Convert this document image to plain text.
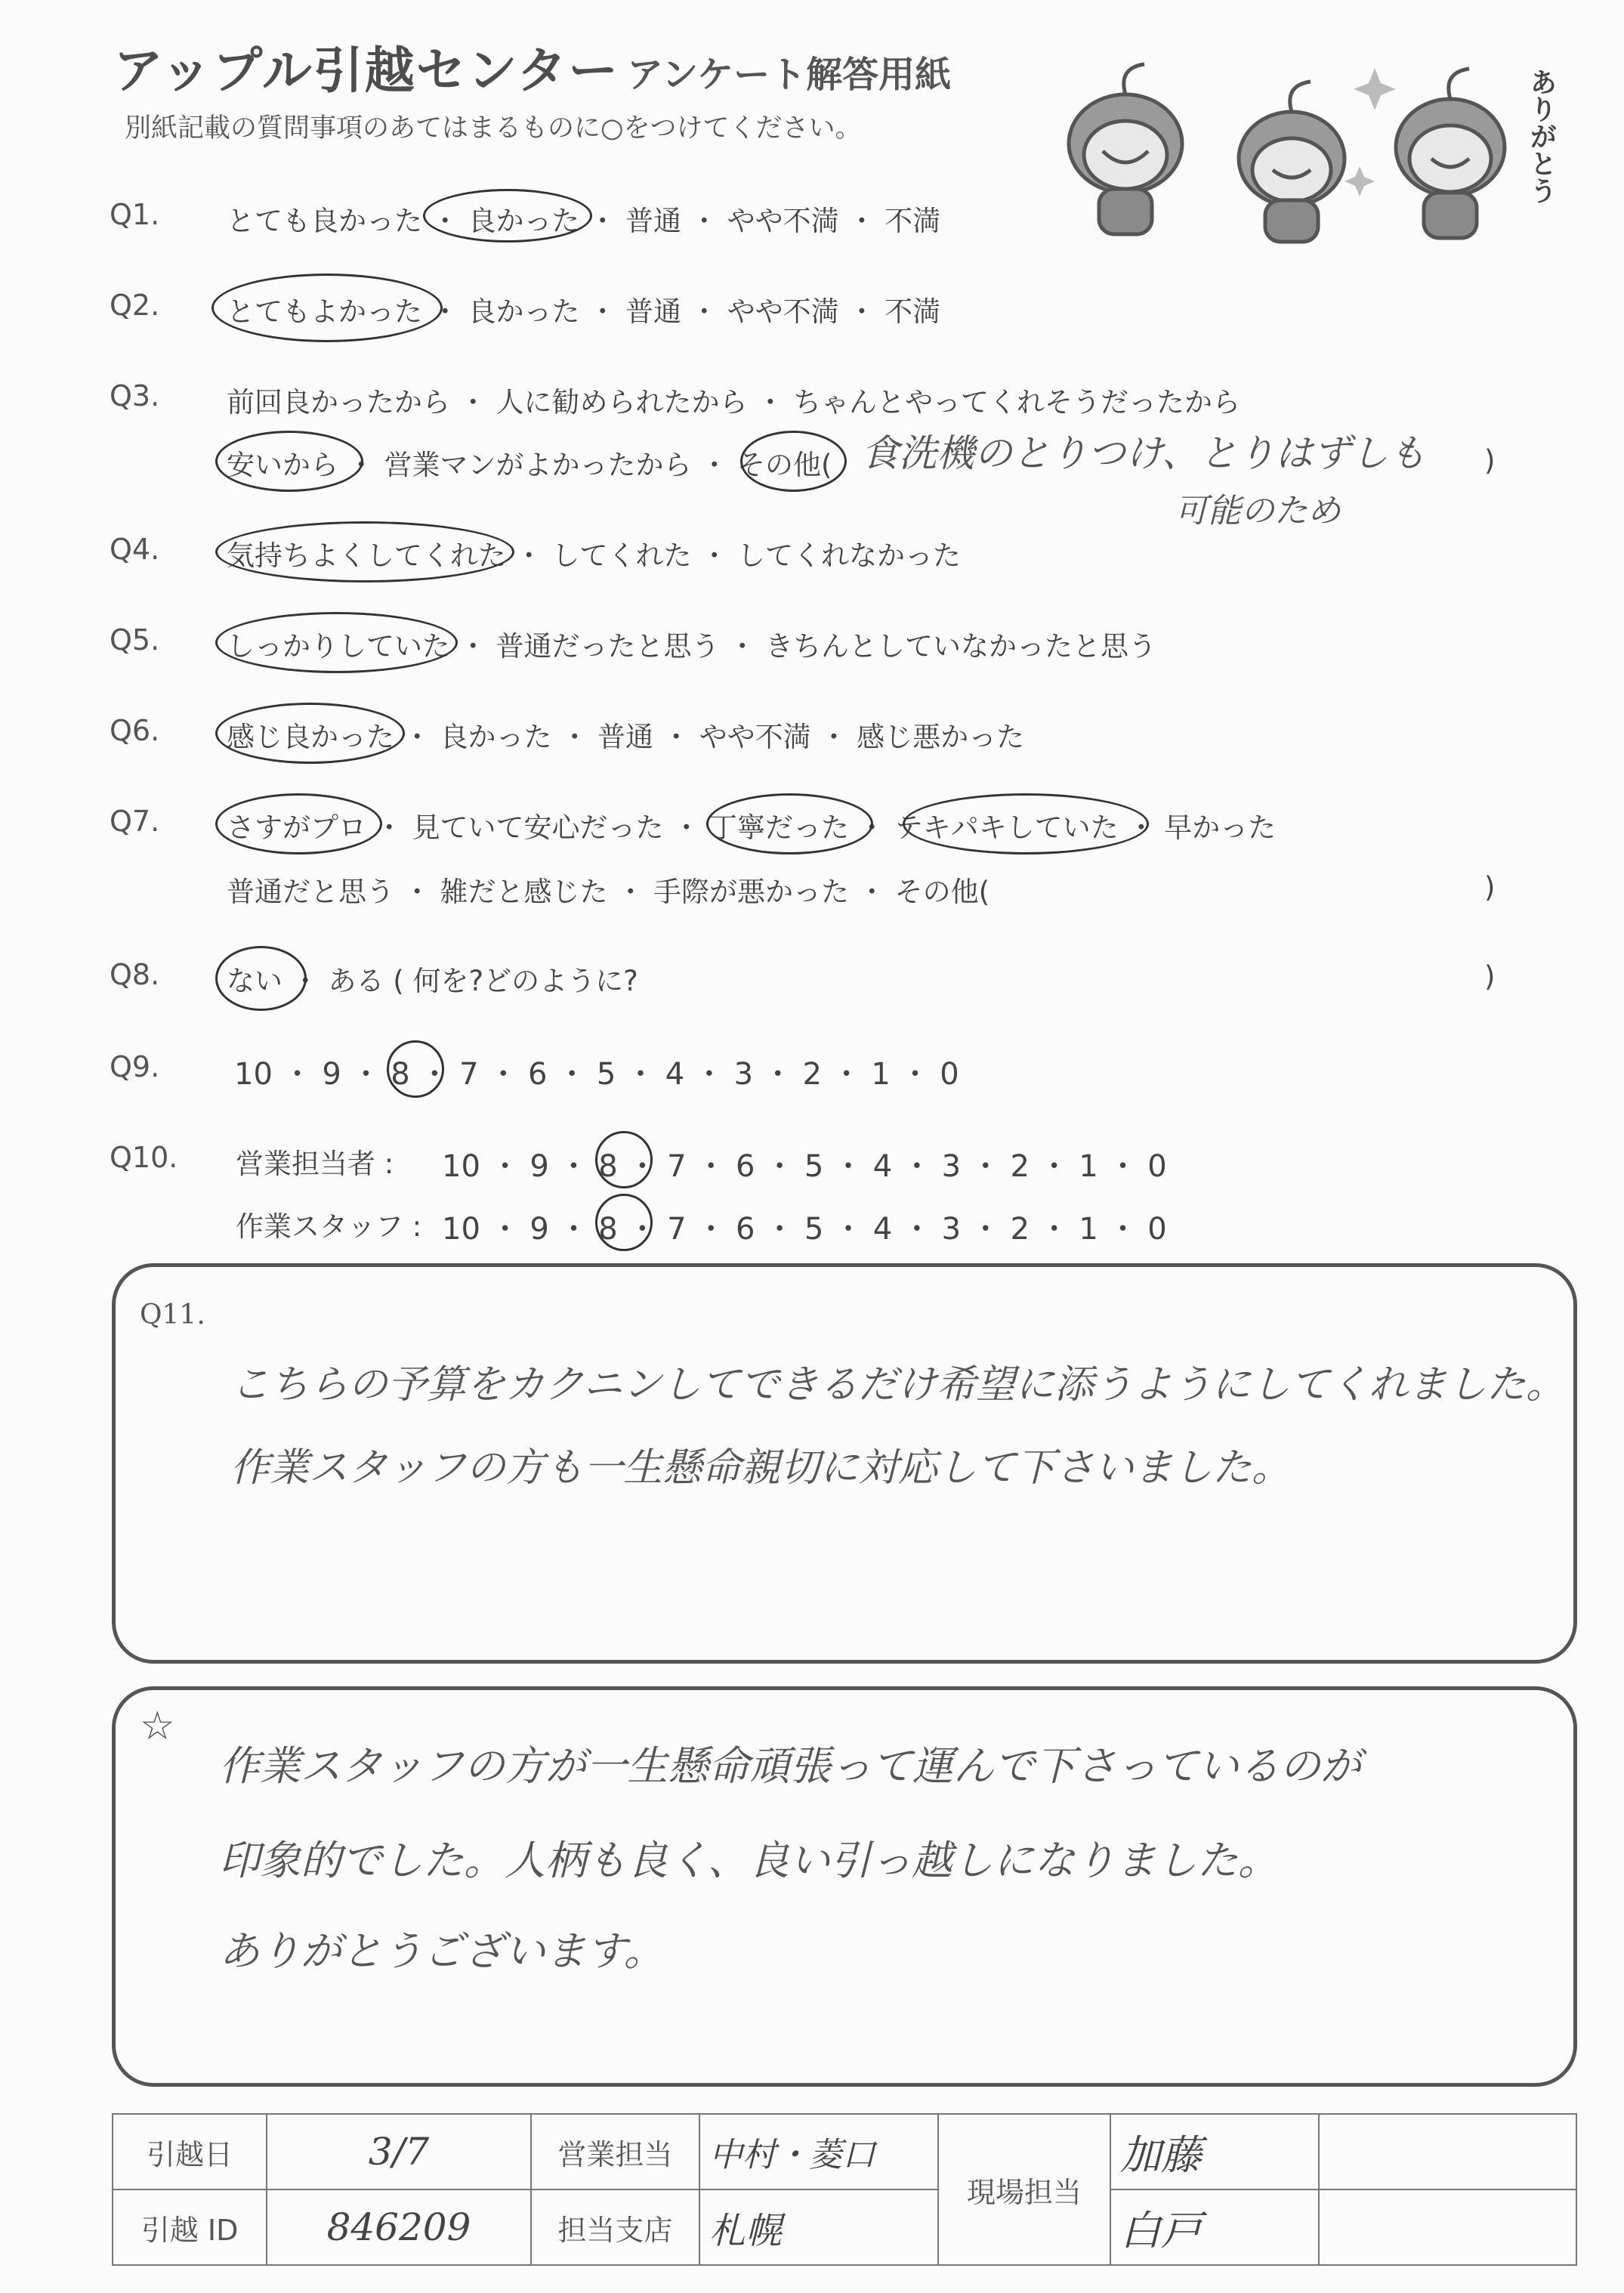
アップル引越センター アンケート解答用紙
別紙記載の質問事項のあてはまるものに○をつけてください。	ありがとう
Q1. とても良かった ・ 良かった ・ 普通 ・ やや不満 ・ 不満
Q2. とてもよかった ・ 良かった ・ 普通 ・ やや不満 ・ 不満
Q3. 前回良かったから ・ 人に勧められたから ・ ちゃんとやってくれそうだったから
安いから ・ 営業マンがよかったから ・ その他(	)
食洗機のとりつけ、とりはずしも
可能のため
Q4. 気持ちよくしてくれた ・ してくれた ・ してくれなかった
Q5. しっかりしていた ・ 普通だったと思う ・ きちんとしていなかったと思う
Q6. 感じ良かった ・ 良かった ・ 普通 ・ やや不満 ・ 感じ悪かった
Q7. さすがプロ ・ 見ていて安心だった ・ 丁寧だった ・ テキパキしていた ・ 早かった
普通だと思う ・ 雑だと感じた ・ 手際が悪かった ・ その他(	)
Q8. ない ・ ある ( 何を?どのように?	)
Q9. 10 ・ 9 ・ 8 ・ 7 ・ 6 ・ 5 ・ 4 ・ 3 ・ 2 ・ 1 ・ 0
Q10. 営業担当者 : 10 ・ 9 ・ 8 ・ 7 ・ 6 ・ 5 ・ 4 ・ 3 ・ 2 ・ 1 ・ 0
作業スタッフ : 10 ・ 9 ・ 8 ・ 7 ・ 6 ・ 5 ・ 4 ・ 3 ・ 2 ・ 1 ・ 0
Q11.
こちらの予算をカクニンしてできるだけ希望に添うようにしてくれました。
作業スタッフの方も一生懸命親切に対応して下さいました。
☆
作業スタッフの方が一生懸命頑張って運んで下さっているのが
印象的でした。人柄も良く、良い引っ越しになりました。
ありがとうございます。
引越日	3/7	営業担当	中村・菱口	現場担当	加藤	
引越 ID	846209	担当支店	札幌		白戸	
